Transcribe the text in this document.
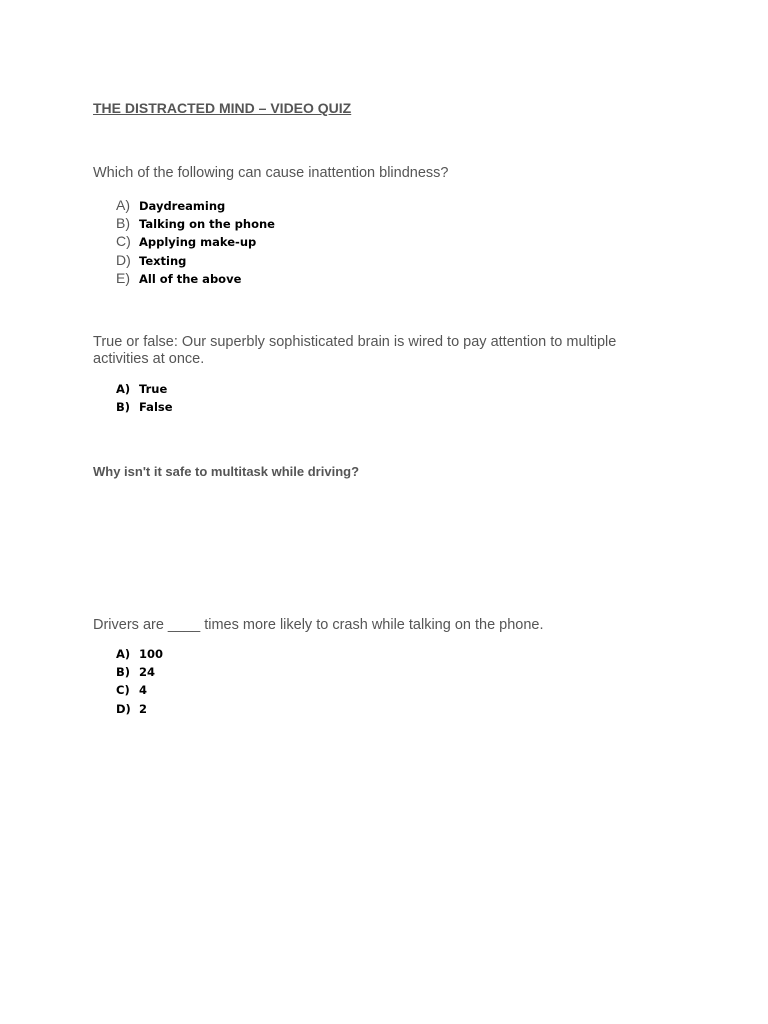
THE DISTRACTED MIND – VIDEO QUIZ
Which of the following can cause inattention blindness?
A) Daydreaming
B) Talking on the phone
C) Applying make-up
D) Texting
E) All of the above
True or false: Our superbly sophisticated brain is wired to pay attention to multiple activities at once.
A) True
B) False
Why isn't it safe to multitask while driving?
Drivers are ____ times more likely to crash while talking on the phone.
A) 100
B) 24
C) 4
D) 2
